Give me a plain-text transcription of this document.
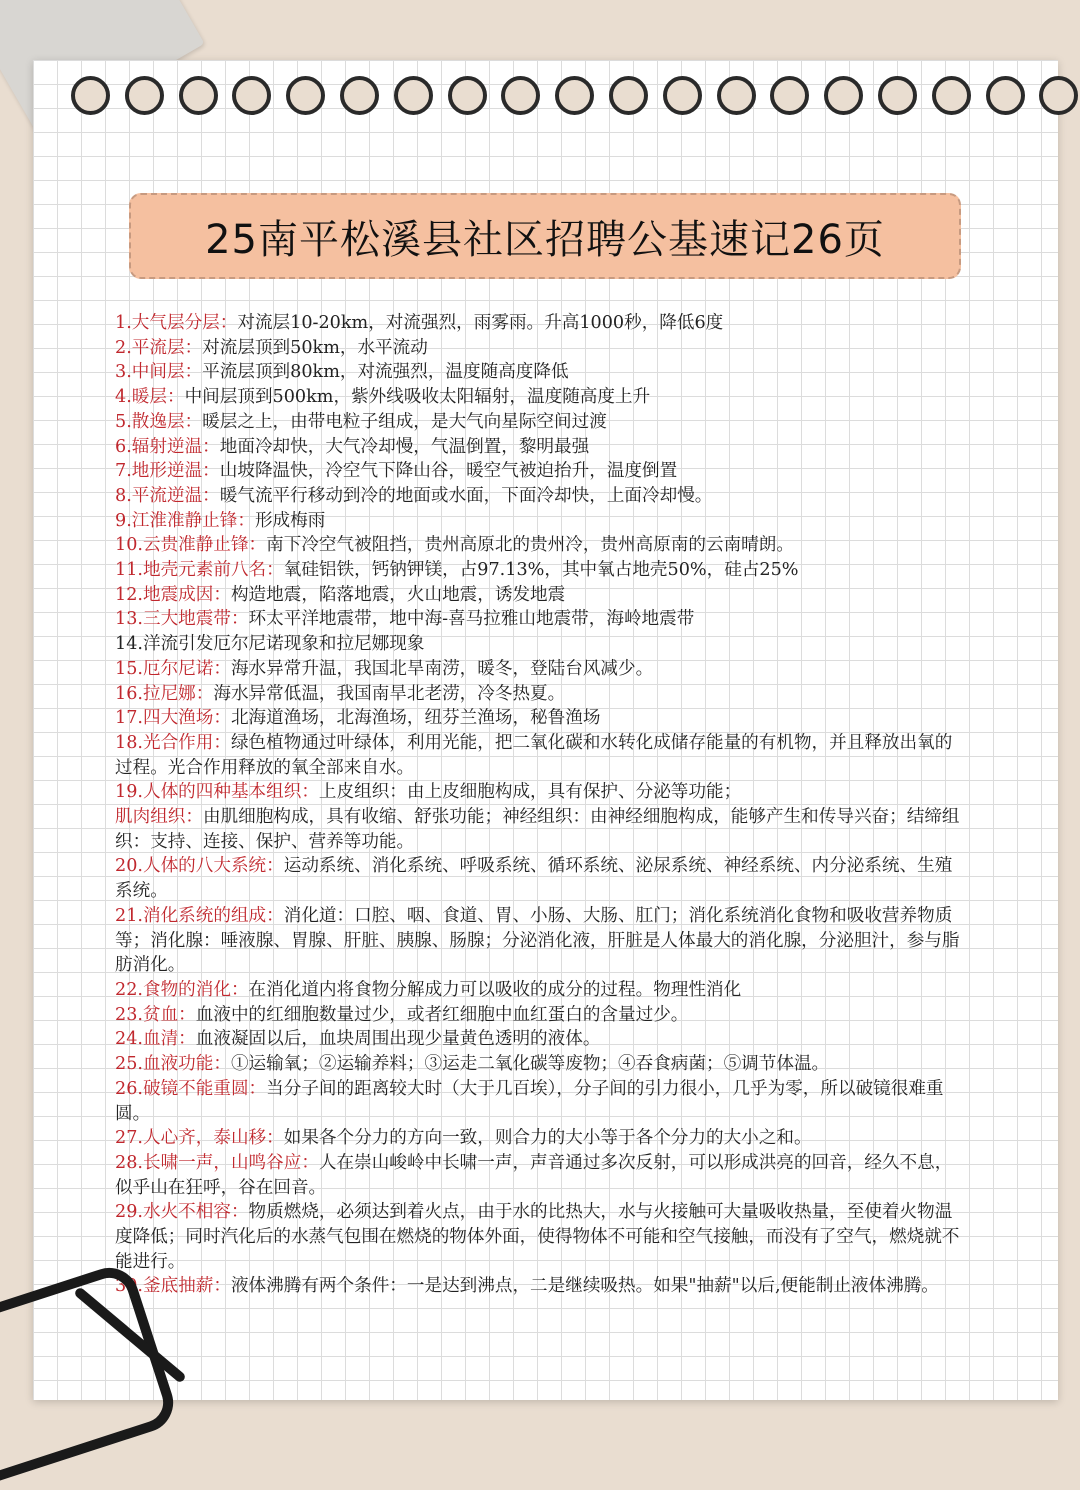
25南平松溪县社区招聘公基速记26页

1.大气层分层：对流层10-20km，对流强烈，雨雾雨。升高1000秒，降低6度

2.平流层：对流层顶到50km，水平流动

3.中间层：平流层顶到80km，对流强烈，温度随高度降低

4.暖层：中间层顶到500km，紫外线吸收太阳辐射，温度随高度上升

5.散逸层：暖层之上，由带电粒子组成，是大气向星际空间过渡

6.辐射逆温：地面冷却快，大气冷却慢，气温倒置，黎明最强

7.地形逆温：山坡降温快，冷空气下降山谷，暖空气被迫抬升，温度倒置

8.平流逆温：暖气流平行移动到冷的地面或水面，下面冷却快，上面冷却慢。

9.江淮准静止锋：形成梅雨

10.云贵准静止锋：南下冷空气被阻挡，贵州高原北的贵州冷，贵州高原南的云南晴朗。

11.地壳元素前八名：氧硅铝铁，钙钠钾镁，占97.13%，其中氧占地壳50%，硅占25%

12.地震成因：构造地震，陷落地震，火山地震，诱发地震

13.三大地震带：环太平洋地震带，地中海-喜马拉雅山地震带，海岭地震带

14.洋流引发厄尔尼诺现象和拉尼娜现象

15.厄尔尼诺：海水异常升温，我国北旱南涝，暖冬，登陆台风减少。

16.拉尼娜：海水异常低温，我国南旱北老涝，冷冬热夏。

17.四大渔场：北海道渔场，北海渔场，纽芬兰渔场，秘鲁渔场

18.光合作用：绿色植物通过叶绿体，利用光能，把二氧化碳和水转化成储存能量的有机物，并且释放出氧的过程。光合作用释放的氧全部来自水。

19.人体的四种基本组织：上皮组织：由上皮细胞构成，具有保护、分泌等功能；

肌肉组织：由肌细胞构成，具有收缩、舒张功能；神经组织：由神经细胞构成，能够产生和传导兴奋；结缔组织：支持、连接、保护、营养等功能。

20.人体的八大系统：运动系统、消化系统、呼吸系统、循环系统、泌尿系统、神经系统、内分泌系统、生殖系统。

21.消化系统的组成：消化道：口腔、咽、食道、胃、小肠、大肠、肛门；消化系统消化食物和吸收营养物质等；消化腺：唾液腺、胃腺、肝脏、胰腺、肠腺；分泌消化液，肝脏是人体最大的消化腺，分泌胆汁，参与脂肪消化。

22.食物的消化：在消化道内将食物分解成力可以吸收的成分的过程。物理性消化

23.贫血：血液中的红细胞数量过少，或者红细胞中血红蛋白的含量过少。

24.血清：血液凝固以后，血块周围出现少量黄色透明的液体。

25.血液功能：①运输氧；②运输养料；③运走二氧化碳等废物；④吞食病菌；⑤调节体温。

26.破镜不能重圆：当分子间的距离较大时（大于几百埃），分子间的引力很小，几乎为零，所以破镜很难重圆。

27.人心齐，泰山移：如果各个分力的方向一致，则合力的大小等于各个分力的大小之和。

28.长啸一声，山鸣谷应：人在崇山峻岭中长啸一声，声音通过多次反射，可以形成洪亮的回音，经久不息，似乎山在狂呼，谷在回音。

29.水火不相容：物质燃烧，必须达到着火点，由于水的比热大，水与火接触可大量吸收热量，至使着火物温度降低；同时汽化后的水蒸气包围在燃烧的物体外面，使得物体不可能和空气接触，而没有了空气，燃烧就不能进行。

30.釜底抽薪：液体沸腾有两个条件：一是达到沸点，二是继续吸热。如果"抽薪"以后,便能制止液体沸腾。
